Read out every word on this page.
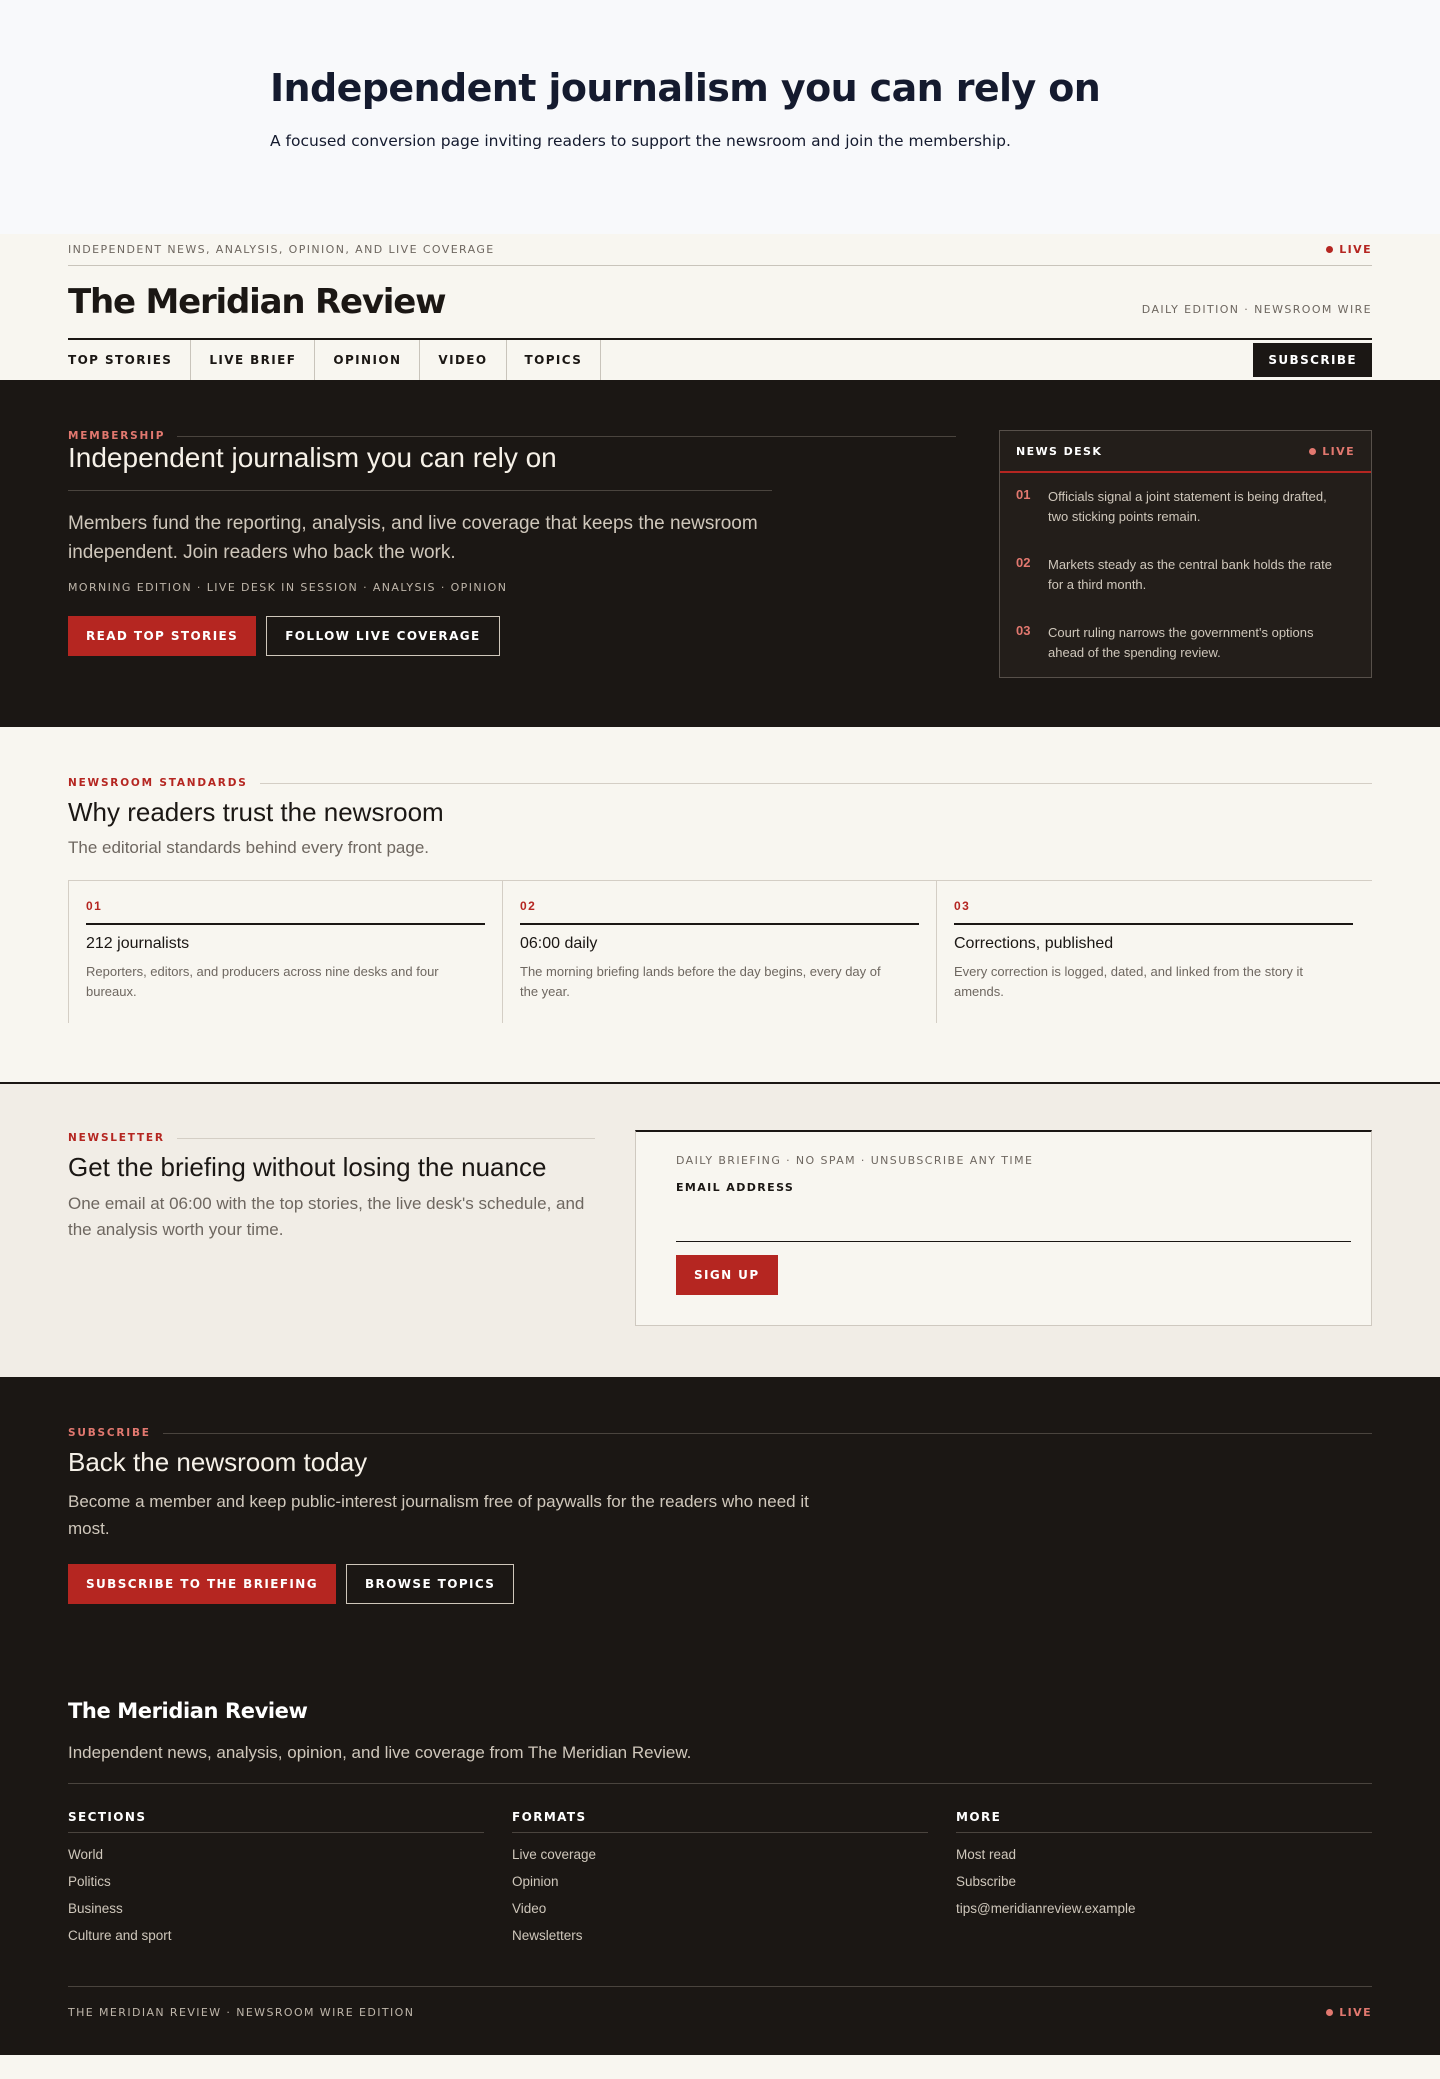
Independent journalism you can rely on

A focused conversion page inviting readers to support the newsroom and join the membership.

INDEPENDENT NEWS, ANALYSIS, OPINION, AND LIVE COVERAGE	LIVE
The Meridian Review	DAILY EDITION · NEWSROOM WIRE
TOP STORIES	LIVE BRIEF	OPINION	VIDEO	TOPICS	SUBSCRIBE
MEMBERSHIP
Independent journalism you can rely on

Members fund the reporting, analysis, and live coverage that keeps the newsroom independent. Join readers who back the work.

MORNING EDITION · LIVE DESK IN SESSION · ANALYSIS · OPINION

READ TOP STORIES	FOLLOW LIVE COVERAGE
NEWS DESK	LIVE
01 Officials signal a joint statement is being drafted, two sticking points remain.
02 Markets steady as the central bank holds the rate for a third month.
03 Court ruling narrows the government's options ahead of the spending review.
NEWSROOM STANDARDS
Why readers trust the newsroom

The editorial standards behind every front page.

01
212 journalists
Reporters, editors, and producers across nine desks and four bureaux.
02
06:00 daily
The morning briefing lands before the day begins, every day of the year.
03
Corrections, published
Every correction is logged, dated, and linked from the story it amends.
NEWSLETTER
Get the briefing without losing the nuance

One email at 06:00 with the top stories, the live desk's schedule, and the analysis worth your time.

DAILY BRIEFING · NO SPAM · UNSUBSCRIBE ANY TIME
EMAIL ADDRESS
SIGN UP
SUBSCRIBE
Back the newsroom today

Become a member and keep public-interest journalism free of paywalls for the readers who need it most.

SUBSCRIBE TO THE BRIEFING	BROWSE TOPICS
The Meridian Review

Independent news, analysis, opinion, and live coverage from The Meridian Review.

SECTIONS
World
Politics
Business
Culture and sport
FORMATS
Live coverage
Opinion
Video
Newsletters
MORE
Most read
Subscribe
tips@meridianreview.example
THE MERIDIAN REVIEW · NEWSROOM WIRE EDITION	LIVE
